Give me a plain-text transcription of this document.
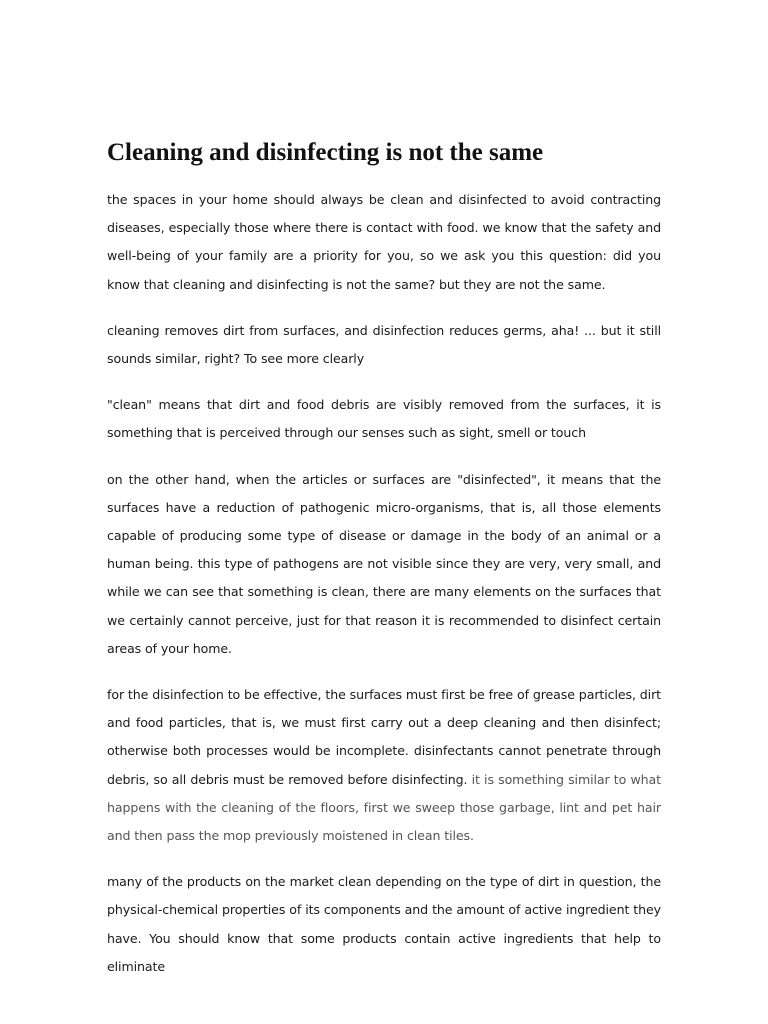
Cleaning and disinfecting is not the same

the spaces in your home should always be clean and disinfected to avoid contracting diseases, especially those where there is contact with food. we know that the safety and well-being of your family are a priority for you, so we ask you this question: did you know that cleaning and disinfecting is not the same? but they are not the same.

cleaning removes dirt from surfaces, and disinfection reduces germs, aha! ... but it still sounds similar, right? To see more clearly

"clean" means that dirt and food debris are visibly removed from the surfaces, it is something that is perceived through our senses such as sight, smell or touch

on the other hand, when the articles or surfaces are "disinfected", it means that the surfaces have a reduction of pathogenic micro-organisms, that is, all those elements capable of producing some type of disease or damage in the body of an animal or a human being. this type of pathogens are not visible since they are very, very small, and while we can see that something is clean, there are many elements on the surfaces that we certainly cannot perceive, just for that reason it is recommended to disinfect certain areas of your home.

for the disinfection to be effective, the surfaces must first be free of grease particles, dirt and food particles, that is, we must first carry out a deep cleaning and then disinfect; otherwise both processes would be incomplete. disinfectants cannot penetrate through debris, so all debris must be removed before disinfecting. it is something similar to what happens with the cleaning of the floors, first we sweep those garbage, lint and pet hair and then pass the mop previously moistened in clean tiles.

many of the products on the market clean depending on the type of dirt in question, the physical-chemical properties of its components and the amount of active ingredient they have. You should know that some products contain active ingredients that help to eliminate
